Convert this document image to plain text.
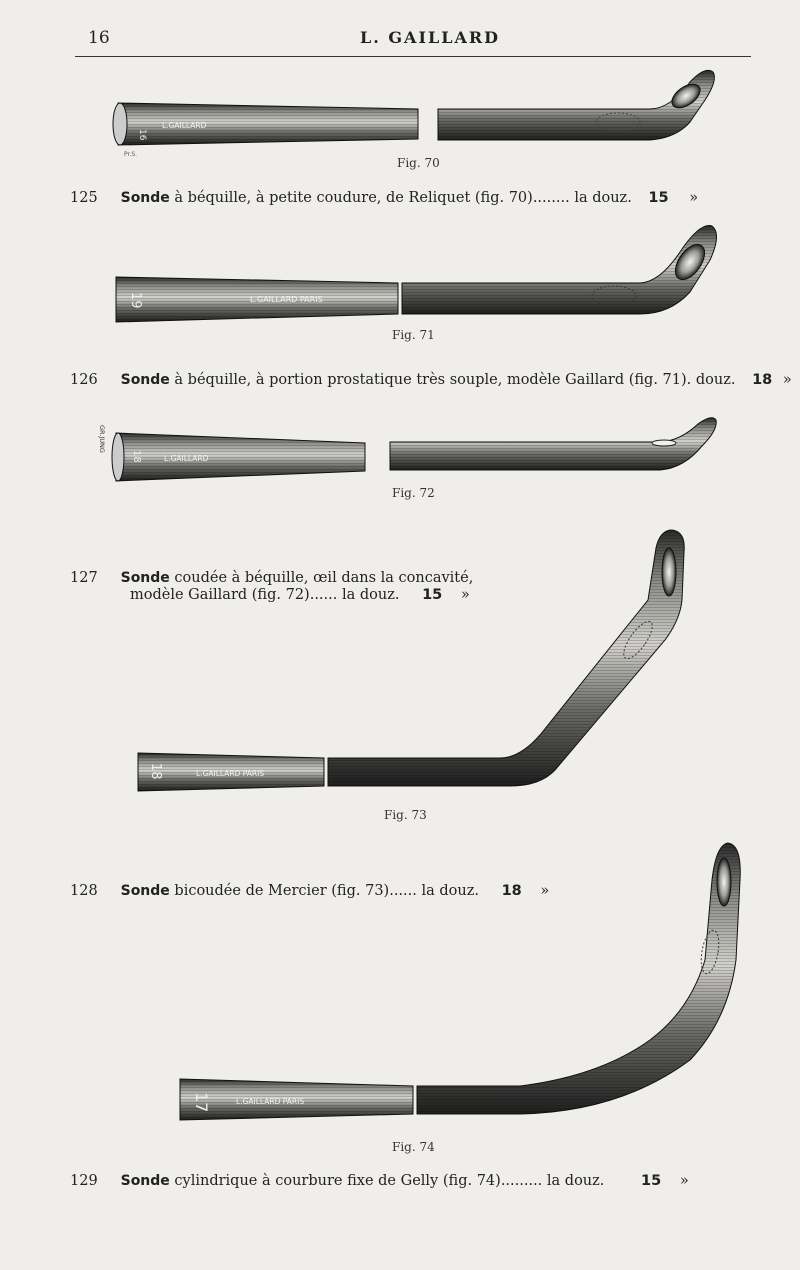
16	L. GAILLARD
16
L.GAILLARD
Pr.S.
19	L.GAILLARD PARIS
18	L.GAILLARD
GR.JUNG
18	L.GAILLARD PARIS
17	L.GAILLARD PARIS
Fig. 70
Fig. 71
Fig. 72
Fig. 73
Fig. 74
125 Sonde à béquille, à petite coudure, de Reliquet (fig. 70)........ la douz. 15 »
126 Sonde à béquille, à portion prostatique très souple, modèle Gaillard (fig. 71). douz. 18 »
127 Sonde coudée à béquille, œil dans la concavité,
modèle Gaillard (fig. 72)...... la douz. 15 »
128 Sonde bicoudée de Mercier (fig. 73)...... la douz. 18 »
129 Sonde cylindrique à courbure fixe de Gelly (fig. 74)......... la douz.	15 »
